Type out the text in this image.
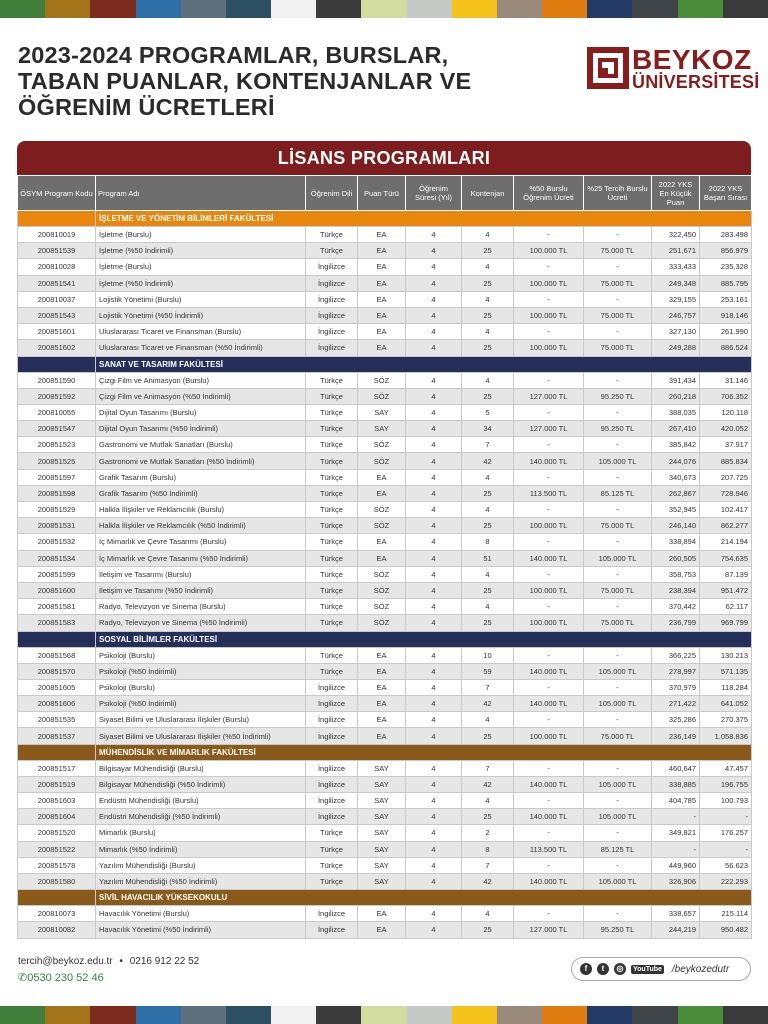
2023-2024 PROGRAMLAR, BURSLAR,
TABAN PUANLAR, KONTENJANLAR VE
ÖĞRENİM ÜCRETLERİ
BEYKOZ
ÜNİVERSİTESİ
LİSANS PROGRAMLARI
ÖSYM Program Kodu	Program Adı	Öğrenim Dili	Puan Türü	Öğrenim Süresi (Yıl)	Kontenjan	%50 Burslu Öğrenim Ücreti	%25 Tercih Burslu Ücreti	2022 YKS En Küçük Puan	2022 YKS Başarı Sırası
	İŞLETME VE YÖNETİM BİLİMLERİ FAKÜLTESİ								
200810019	İşletme (Burslu)	Türkçe	EA	4	4	-	-	322,450	283.498
200851539	İşletme (%50 İndirimli)	Türkçe	EA	4	25	100.000 TL	75.000 TL	251,671	856.979
200810028	İşletme (Burslu)	İngilizce	EA	4	4	-	-	333,433	235.328
200851541	İşletme (%50 İndirimli)	İngilizce	EA	4	25	100.000 TL	75.000 TL	249,348	885.795
200810037	Lojistik Yönetimi (Burslu)	İngilizce	EA	4	4	-	-	329,155	253.161
200851543	Lojistik Yönetimi (%50 İndirimli)	İngilizce	EA	4	25	100.000 TL	75.000 TL	246,757	918.146
200851601	Uluslararası Ticaret ve Finansman (Burslu)	İngilizce	EA	4	4	-	-	327,130	261.990
200851602	Uluslararası Ticaret ve Finansman (%50 İndirimli)	İngilizce	EA	4	25	100.000 TL	75.000 TL	249,288	886.524
	SANAT VE TASARIM FAKÜLTESİ								
200851590	Çizgi Film ve Animasyon (Burslu)	Türkçe	SÖZ	4	4	-	-	391,434	31.146
200851592	Çizgi Film ve Animasyon (%50 İndirimli)	Türkçe	SÖZ	4	25	127.000 TL	95.250 TL	260,218	706.352
200810055	Dijital Oyun Tasarımı (Burslu)	Türkçe	SAY	4	5	-	-	388,035	120.118
200851547	Dijital Oyun Tasarımı (%50 İndirimli)	Türkçe	SAY	4	34	127.000 TL	95.250 TL	267,410	420.052
200851523	Gastronomi ve Mutfak Sanatları (Burslu)	Türkçe	SÖZ	4	7	-	-	385,842	37.917
200851525	Gastronomi ve Mutfak Sanatları (%50 İndirimli)	Türkçe	SÖZ	4	42	140.000 TL	105.000 TL	244,076	885.834
200851597	Grafik Tasarım (Burslu)	Türkçe	EA	4	4	-	-	340,673	207.725
200851598	Grafik Tasarım (%50 İndirimli)	Türkçe	EA	4	25	113.500 TL	85.125 TL	262,867	728.946
200851529	Halkla İlişkiler ve Reklamcılık (Burslu)	Türkçe	SÖZ	4	4	-	-	352,945	102.417
200851531	Halkla İlişkiler ve Reklamcılık (%50 İndirimli)	Türkçe	SÖZ	4	25	100.000 TL	75.000 TL	246,140	862.277
200851532	İç Mimarlık ve Çevre Tasarımı (Burslu)	Türkçe	EA	4	8	-	-	338,894	214.194
200851534	İç Mimarlık ve Çevre Tasarımı (%50 İndirimli)	Türkçe	EA	4	51	140.000 TL	105.000 TL	260,505	754.635
200851599	İletişim ve Tasarımı (Burslu)	Türkçe	SÖZ	4	4	-	-	358,753	87.139
200851600	İletişim ve Tasarımı (%50 İndirimli)	Türkçe	SÖZ	4	25	100.000 TL	75.000 TL	238,394	951.472
200851581	Radyo, Televizyon ve Sinema (Burslu)	Türkçe	SÖZ	4	4	-	-	370,442	62.117
200851583	Radyo, Televizyon ve Sinema (%50 İndirimli)	Türkçe	SÖZ	4	25	100.000 TL	75.000 TL	236,799	969.799
	SOSYAL BİLİMLER FAKÜLTESİ								
200851568	Psikoloji (Burslu)	Türkçe	EA	4	10	-	-	366,225	130.213
200851570	Psikoloji (%50 İndirimli)	Türkçe	EA	4	59	140.000 TL	105.000 TL	278,997	571.135
200851605	Psikoloji (Burslu)	İngilizce	EA	4	7	-	-	370,979	118.284
200851606	Psikoloji (%50 İndirimli)	İngilizce	EA	4	42	140.000 TL	105.000 TL	271,422	641.052
200851535	Siyaset Bilimi ve Uluslararası İlişkiler (Burslu)	İngilizce	EA	4	4	-	-	325,286	270.375
200851537	Siyaset Bilimi ve Uluslararası İlişkiler (%50 İndirimli)	İngilizce	EA	4	25	100.000 TL	75.000 TL	236,149	1.058.836
	MÜHENDİSLİK VE MİMARLIK FAKÜLTESİ								
200851517	Bilgisayar Mühendisliği (Burslu)	İngilizce	SAY	4	7	-	-	460,647	47.457
200851519	Bilgisayar Mühendisliği (%50 İndirimli)	İngilizce	SAY	4	42	140.000 TL	105.000 TL	338,885	196.755
200851603	Endüstri Mühendisliği (Burslu)	İngilizce	SAY	4	4	-	-	404,785	100.793
200851604	Endüstri Mühendisliği (%50 İndirimli)	İngilizce	SAY	4	25	140.000 TL	105.000 TL	-	-
200851520	Mimarlık (Burslu)	Türkçe	SAY	4	2	-	-	349,821	176.257
200851522	Mimarlık (%50 İndirimli)	Türkçe	SAY	4	8	113.500 TL	85.125 TL	-	-
200851578	Yazılım Mühendisliği (Burslu)	Türkçe	SAY	4	7	-	-	449,960	56.623
200851580	Yazılım Mühendisliği (%50 İndirimli)	Türkçe	SAY	4	42	140.000 TL	105.000 TL	326,906	222.293
	SİVİL HAVACILIK YÜKSEKOKULU								
200810073	Havacılık Yönetimi (Burslu)	İngilizce	EA	4	4	-	-	338,657	215.114
200810082	Havacılık Yönetimi (%50 İndirimli)	İngilizce	EA	4	25	127.000 TL	95.250 TL	244,219	950.482
tercih@beykoz.edu.tr • 0216 912 22 52
✆0530 230 52 46
f	t	◎	YouTube /beykozedutr
